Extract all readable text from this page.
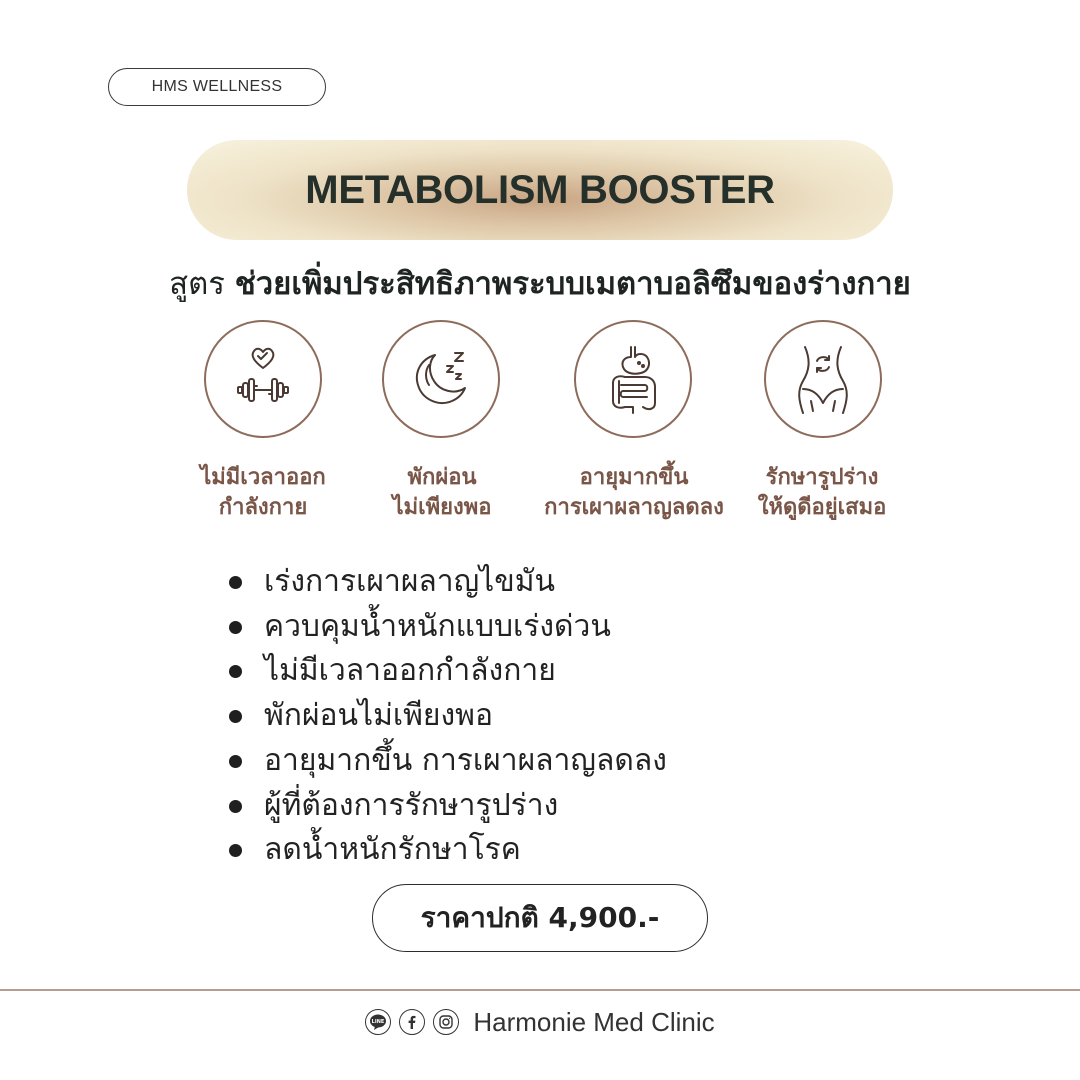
HMS WELLNESS
METABOLISM BOOSTER
สูตร ช่วยเพิ่มประสิทธิภาพระบบเมตาบอลิซึมของร่างกาย
ไม่มีเวลาออก
กำลังกาย
พักผ่อน
ไม่เพียงพอ
อายุมากขึ้น
การเผาผลาญลดลง
รักษารูปร่าง
ให้ดูดีอยู่เสมอ
เร่งการเผาผลาญไขมัน
ควบคุมน้ำหนักแบบเร่งด่วน
ไม่มีเวลาออกกำลังกาย
พักผ่อนไม่เพียงพอ
อายุมากขึ้น การเผาผลาญลดลง
ผู้ที่ต้องการรักษารูปร่าง
ลดน้ำหนักรักษาโรค
ราคาปกติ 4,900.-
LINE	Harmonie Med Clinic
